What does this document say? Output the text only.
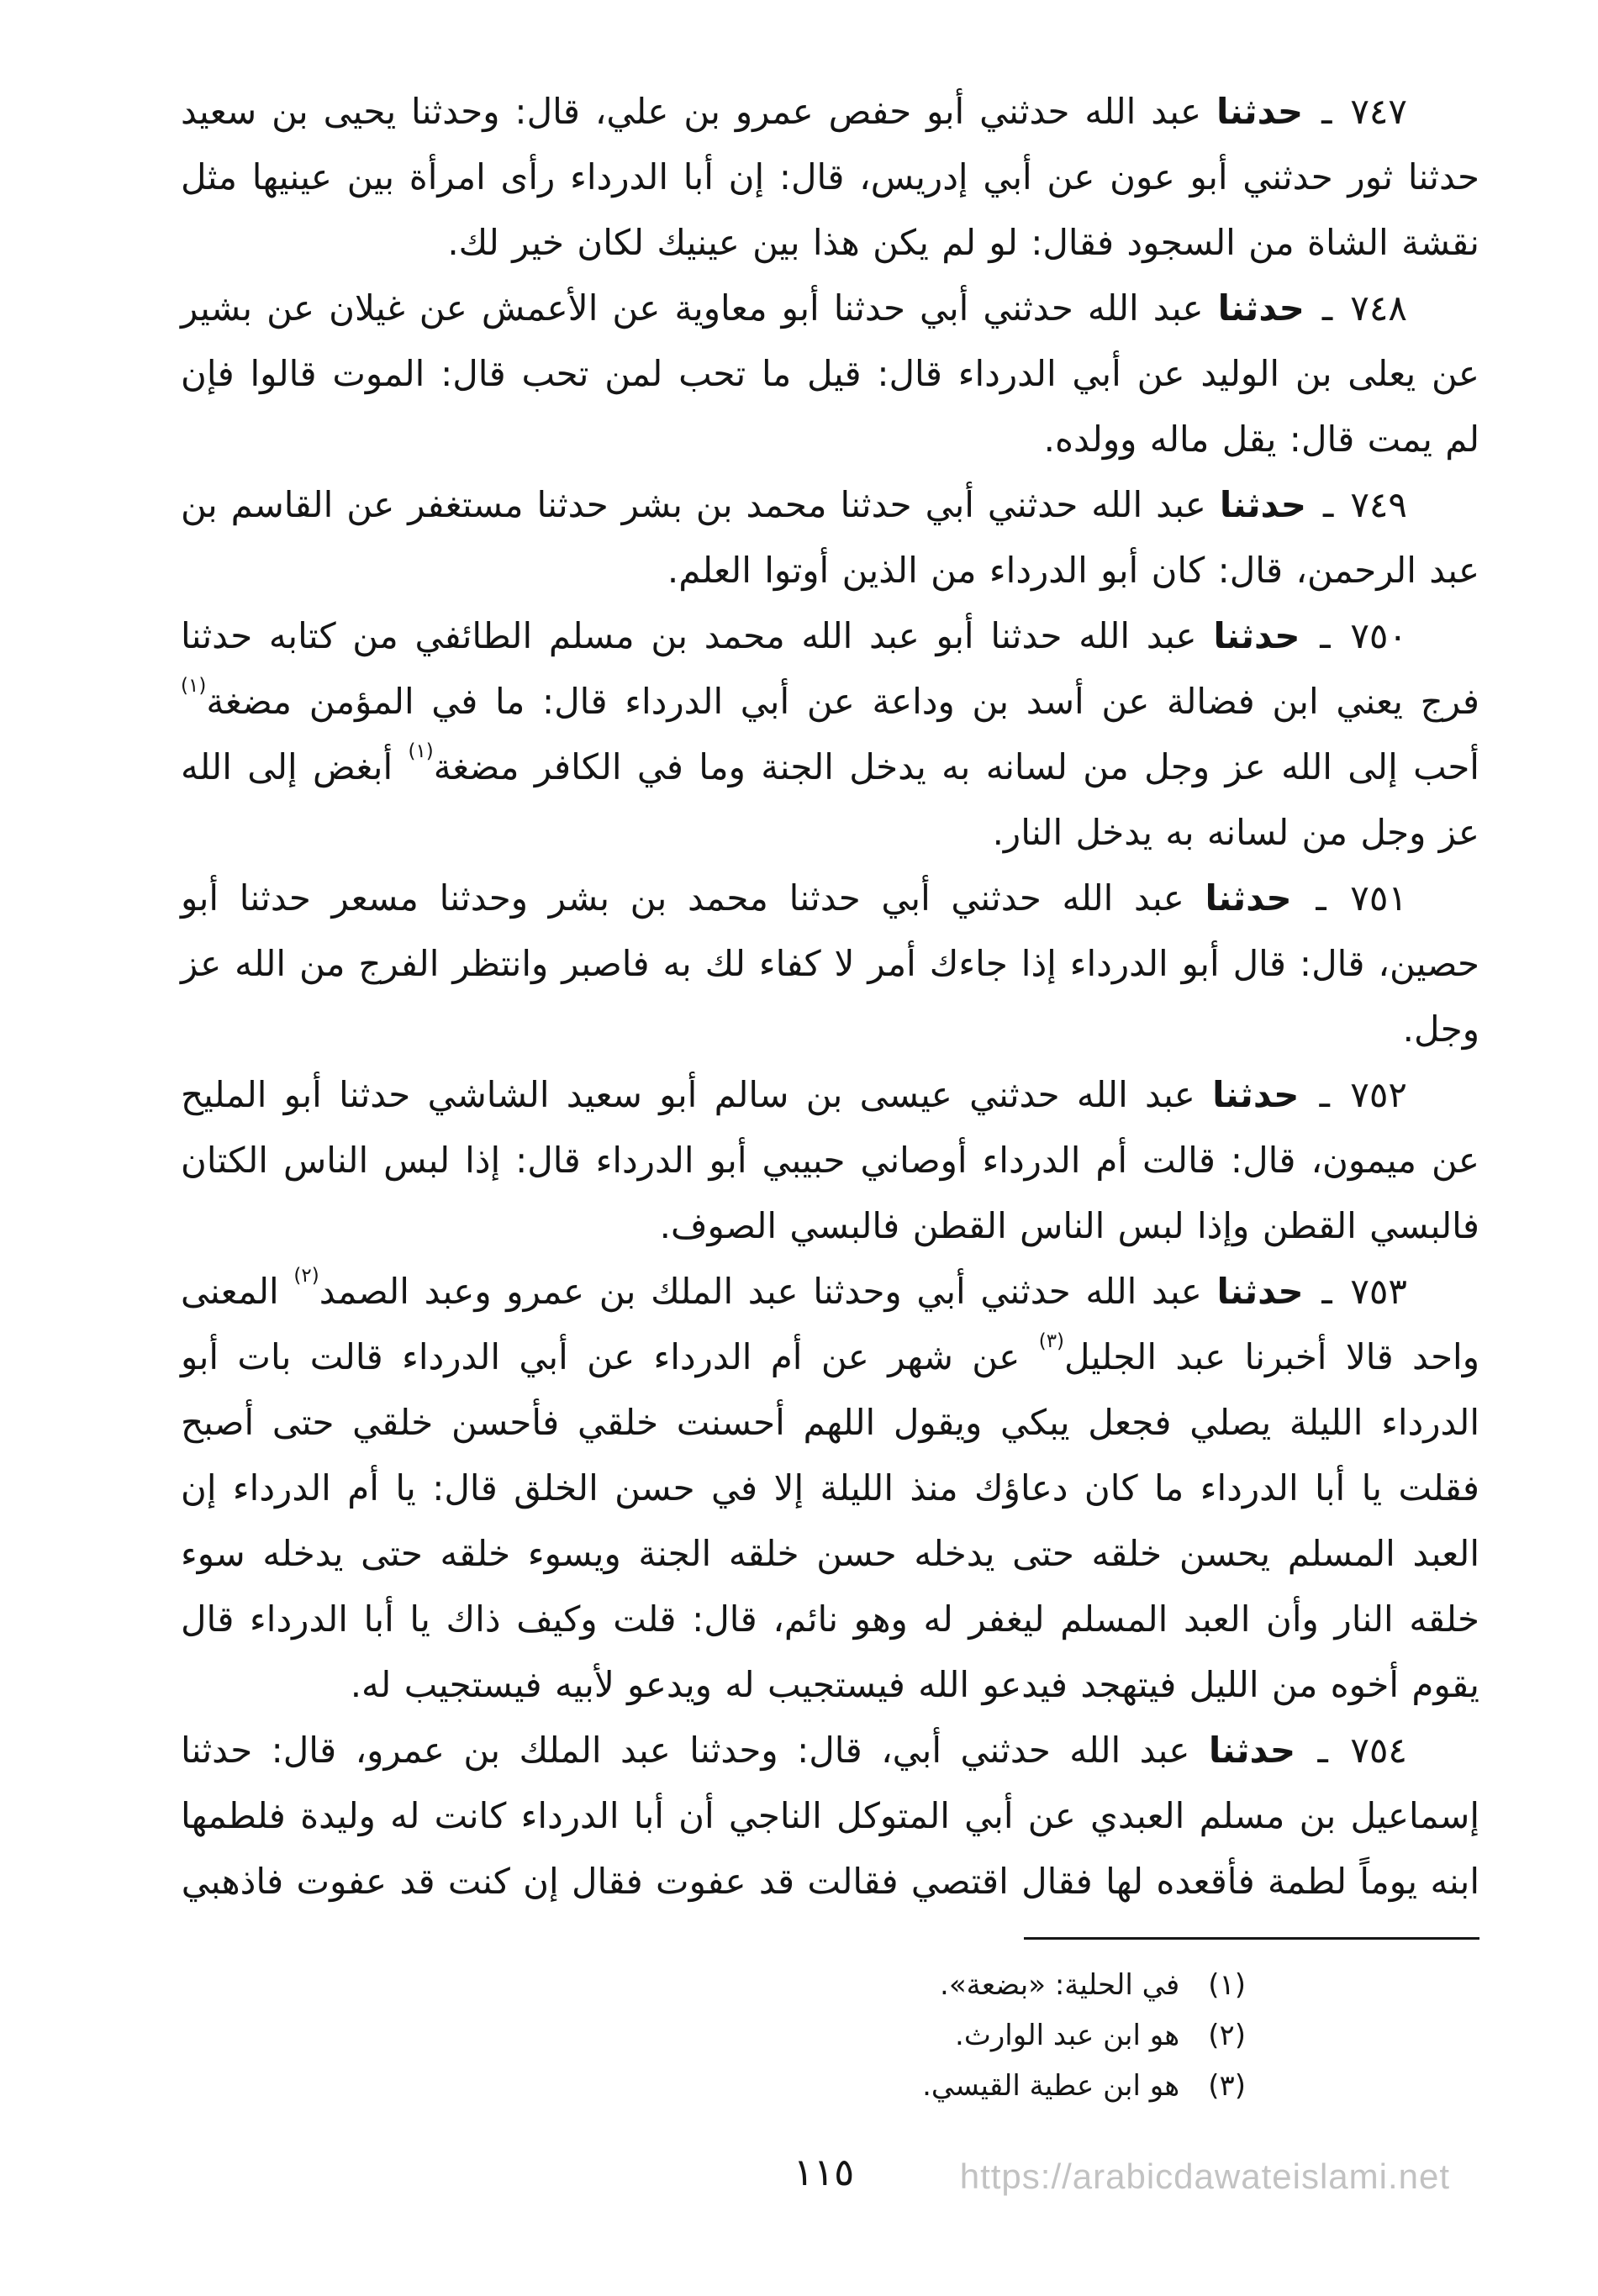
٧٤٧ ـ حدثنا عبد الله حدثني أبو حفص عمرو بن علي، قال: وحدثنا يحيى بن سعيد حدثنا ثور حدثني أبو عون عن أبي إدريس، قال: إن أبا الدرداء رأى امرأة بين عينيها مثل نقشة الشاة من السجود فقال: لو لم يكن هذا بين عينيك لكان خير لك.

٧٤٨ ـ حدثنا عبد الله حدثني أبي حدثنا أبو معاوية عن الأعمش عن غيلان عن بشير عن يعلى بن الوليد عن أبي الدرداء قال: قيل ما تحب لمن تحب قال: الموت قالوا فإن لم يمت قال: يقل ماله وولده.

٧٤٩ ـ حدثنا عبد الله حدثني أبي حدثنا محمد بن بشر حدثنا مستغفر عن القاسم بن عبد الرحمن، قال: كان أبو الدرداء من الذين أوتوا العلم.

٧٥٠ ـ حدثنا عبد الله حدثنا أبو عبد الله محمد بن مسلم الطائفي من كتابه حدثنا فرج يعني ابن فضالة عن أسد بن وداعة عن أبي الدرداء قال: ما في المؤمن مضغة$^{(١)}$ أحب إلى الله عز وجل من لسانه به يدخل الجنة وما في الكافر مضغة$^{(١)}$ أبغض إلى الله عز وجل من لسانه به يدخل النار.

٧٥١ ـ حدثنا عبد الله حدثني أبي حدثنا محمد بن بشر وحدثنا مسعر حدثنا أبو حصين، قال: قال أبو الدرداء إذا جاءك أمر لا كفاء لك به فاصبر وانتظر الفرج من الله عز وجل.

٧٥٢ ـ حدثنا عبد الله حدثني عيسى بن سالم أبو سعيد الشاشي حدثنا أبو المليح عن ميمون، قال: قالت أم الدرداء أوصاني حبيبي أبو الدرداء قال: إذا لبس الناس الكتان فالبسي القطن وإذا لبس الناس القطن فالبسي الصوف.

٧٥٣ ـ حدثنا عبد الله حدثني أبي وحدثنا عبد الملك بن عمرو وعبد الصمد$^{(٢)}$ المعنى واحد قالا أخبرنا عبد الجليل$^{(٣)}$ عن شهر عن أم الدرداء عن أبي الدرداء قالت بات أبو الدرداء الليلة يصلي فجعل يبكي ويقول اللهم أحسنت خلقي فأحسن خلقي حتى أصبح فقلت يا أبا الدرداء ما كان دعاؤك منذ الليلة إلا في حسن الخلق قال: يا أم الدرداء إن العبد المسلم يحسن خلقه حتى يدخله حسن خلقه الجنة ويسوء خلقه حتى يدخله سوء خلقه النار وأن العبد المسلم ليغفر له وهو نائم، قال: قلت وكيف ذاك يا أبا الدرداء قال يقوم أخوه من الليل فيتهجد فيدعو الله فيستجيب له ويدعو لأبيه فيستجيب له.

٧٥٤ ـ حدثنا عبد الله حدثني أبي، قال: وحدثنا عبد الملك بن عمرو، قال: حدثنا إسماعيل بن مسلم العبدي عن أبي المتوكل الناجي أن أبا الدرداء كانت له وليدة فلطمها ابنه يوماً لطمة فأقعده لها فقال اقتصي فقالت قد عفوت فقال إن كنت قد عفوت فاذهبي

(١)في الحلية: «بضعة».

(٢)هو ابن عبد الوارث.

(٣)هو ابن عطية القيسي.

١١٥	https://arabicdawateislami.net
